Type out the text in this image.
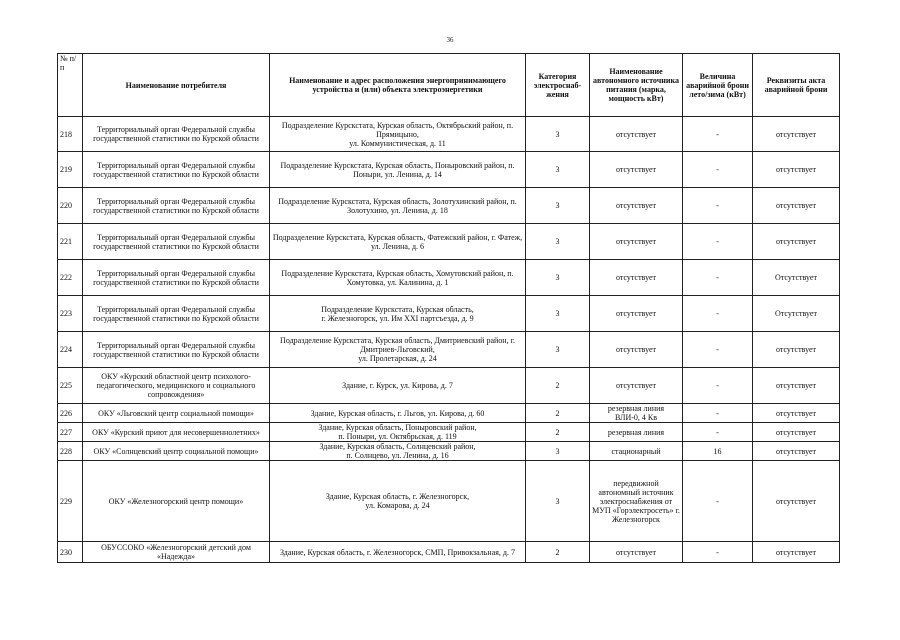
36
№ п/п	Наименование потребителя	Наименование и адрес расположения энергопринимающего устройства и (или) объекта электроэнергетики	Категория электроснаб-жения	Наименование автономного источника питания (марка, мощность кВт)	Величина аварийной брони лето/зима (кВт)	Реквизиты акта аварийной брони
218	Территориальный орган Федеральной службы государственной статистики по Курской области	Подразделение Курскстата, Курская область, Октябрьский район, п. Прямицыно,
ул. Коммунистическая, д. 11	3	отсутствует	-	отсутствует
219	Территориальный орган Федеральной службы государственной статистики по Курской области	Подразделение Курскстата, Курская область, Поныровский район, п. Поныри, ул. Ленина, д. 14	3	отсутствует	-	отсутствует
220	Территориальный орган Федеральной службы государственной статистики по Курской области	Подразделение Курскстата, Курская область, Золотухинский район, п. Золотухино, ул. Ленина, д. 18	3	отсутствует	-	отсутствует
221	Территориальный орган Федеральной службы государственной статистики по Курской области	Подразделение Курскстата, Курская область, Фатежский район, г. Фатеж, ул. Ленина, д. 6	3	отсутствует	-	отсутствует
222	Территориальный орган Федеральной службы государственной статистики по Курской области	Подразделение Курскстата, Курская область, Хомутовский район, п. Хомутовка, ул. Калинина, д. 1	3	отсутствует	-	Отсутствует
223	Территориальный орган Федеральной службы государственной статистики по Курской области	Подразделение Курскстата, Курская область,
г. Железногорск, ул. Им XXI партсъезда, д. 9	3	отсутствует	-	Отсутствует
224	Территориальный орган Федеральной службы государственной статистики по Курской области	Подразделение Курскстата, Курская область, Дмитриевский район, г. Дмитриев-Льговский,
ул. Пролетарская, д. 24	3	отсутствует	-	отсутствует
225	ОКУ «Курский областной центр психолого-педагогического, медицинского и социального сопровождения»	Здание, г. Курск, ул. Кирова, д. 7	2	отсутствует	-	отсутствует
226	ОКУ «Льговский центр социальной помощи»	Здание, Курская область, г. Льгов, ул. Кирова, д. 60	2	резервная линия
ВЛИ-0, 4 Кв	-	отсутствует
227	ОКУ «Курский приют для несовершеннолетних»	Здание, Курская область, Поныровский район,
п. Поныри, ул. Октябрьская, д. 119	2	резервная линия	-	отсутствует
228	ОКУ «Солнцевский центр социальной помощи»	Здание, Курская область, Солнцевский район,
п. Солнцево, ул. Ленина, д. 16	3	стационарный	16	отсутствует
229	ОКУ «Железногорский центр помощи»	Здание, Курская область, г. Железногорск,
ул. Комарова, д. 24	3	передвижной автономный источник электроснабжения от МУП «Горэлектросеть» г. Железногорск	-	отсутствует
230	ОБУССОКО «Железногорский детский дом «Надежда»	Здание, Курская область, г. Железногорск, СМП, Привокзальная, д. 7	2	отсутствует	-	отсутствует
